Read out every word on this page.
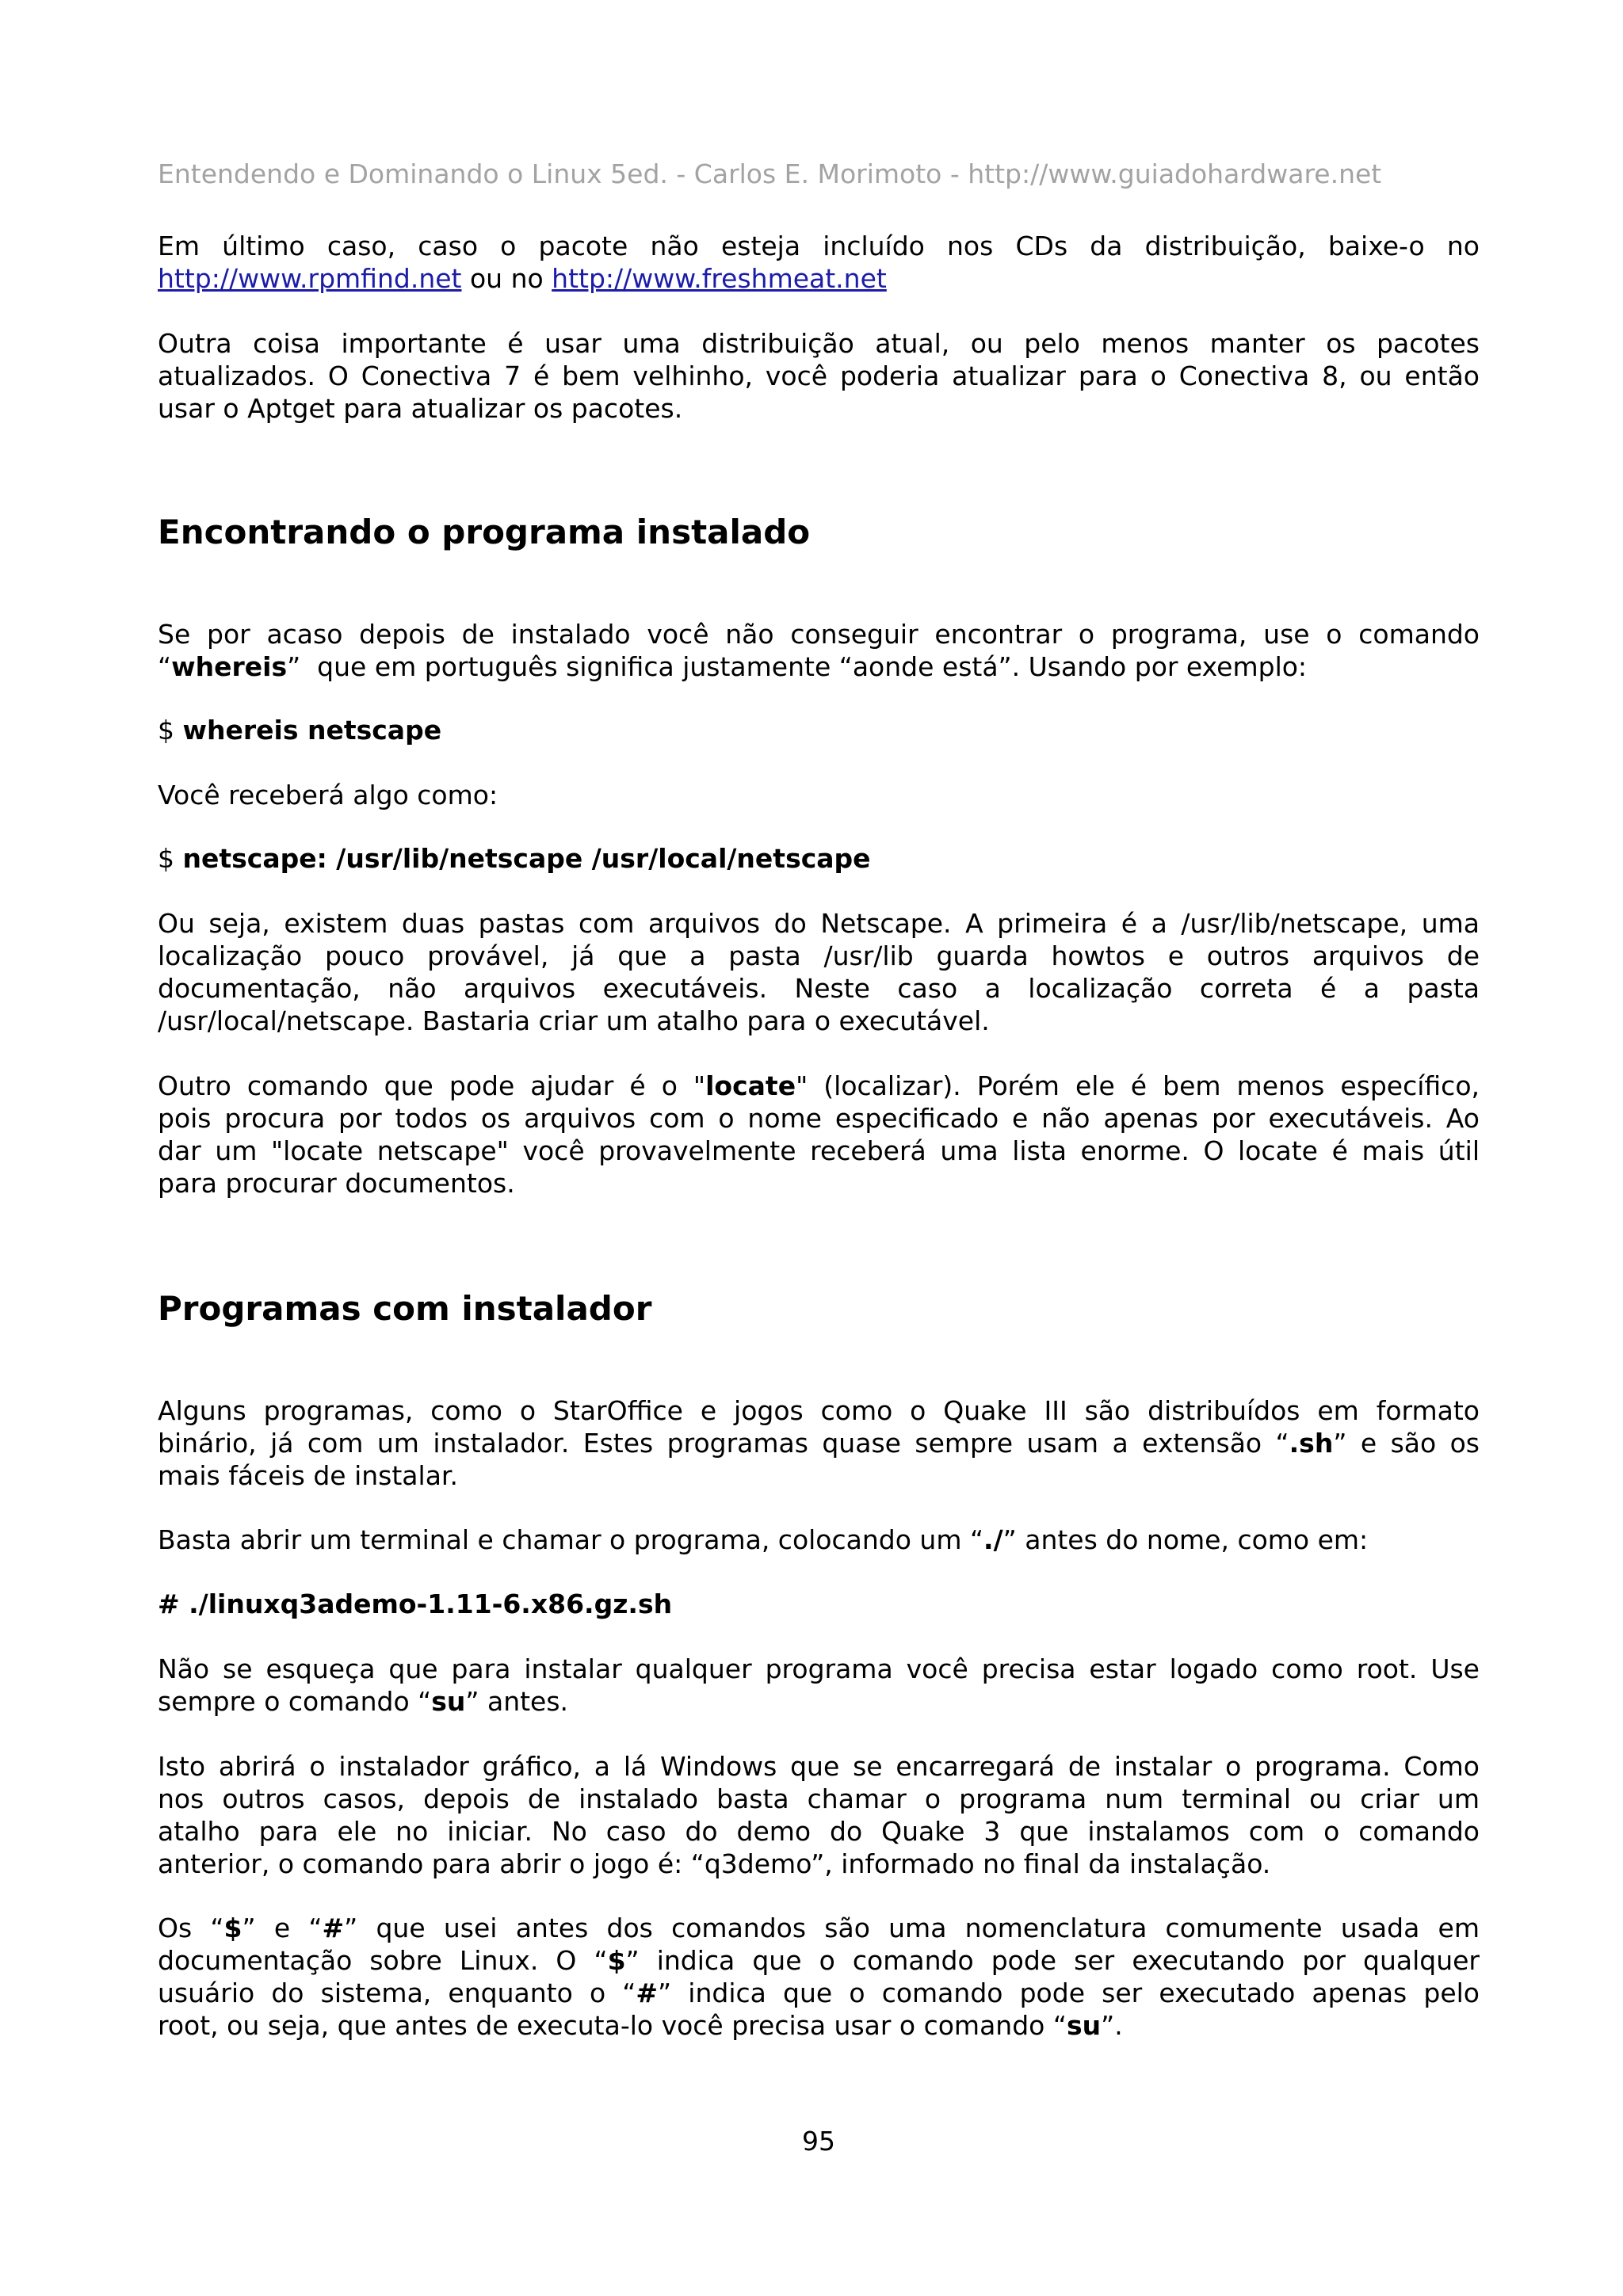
Entendendo e Dominando o Linux 5ed. - Carlos E. Morimoto - http://www.guiadohardware.net
Em último caso, caso o pacote não esteja incluído nos CDs da distribuição, baixe-o no
http://www.rpmfind.net ou no http://www.freshmeat.net
Outra coisa importante é usar uma distribuição atual, ou pelo menos manter os pacotes
atualizados. O Conectiva 7 é bem velhinho, você poderia atualizar para o Conectiva 8, ou então
usar o Aptget para atualizar os pacotes.
Encontrando o programa instalado
Se por acaso depois de instalado você não conseguir encontrar o programa, use o comando
“whereis”  que em português significa justamente “aonde está”. Usando por exemplo:
$ whereis netscape
Você receberá algo como:
$ netscape: /usr/lib/netscape /usr/local/netscape
Ou seja, existem duas pastas com arquivos do Netscape. A primeira é a /usr/lib/netscape, uma
localização pouco provável, já que a pasta /usr/lib guarda howtos e outros arquivos de
documentação, não arquivos executáveis. Neste caso a localização correta é a pasta
/usr/local/netscape. Bastaria criar um atalho para o executável.
Outro comando que pode ajudar é o "locate" (localizar). Porém ele é bem menos específico,
pois procura por todos os arquivos com o nome especificado e não apenas por executáveis. Ao
dar um "locate netscape" você provavelmente receberá uma lista enorme. O locate é mais útil
para procurar documentos.
Programas com instalador
Alguns programas, como o StarOffice e jogos como o Quake III são distribuídos em formato
binário, já com um instalador. Estes programas quase sempre usam a extensão “.sh” e são os
mais fáceis de instalar.
Basta abrir um terminal e chamar o programa, colocando um “./” antes do nome, como em:
# ./linuxq3ademo-1.11-6.x86.gz.sh
Não se esqueça que para instalar qualquer programa você precisa estar logado como root. Use
sempre o comando “su” antes.
Isto abrirá o instalador gráfico, a lá Windows que se encarregará de instalar o programa. Como
nos outros casos, depois de instalado basta chamar o programa num terminal ou criar um
atalho para ele no iniciar. No caso do demo do Quake 3 que instalamos com o comando
anterior, o comando para abrir o jogo é: “q3demo”, informado no final da instalação.
Os “$” e “#” que usei antes dos comandos são uma nomenclatura comumente usada em
documentação sobre Linux. O “$” indica que o comando pode ser executando por qualquer
usuário do sistema, enquanto o “#” indica que o comando pode ser executado apenas pelo
root, ou seja, que antes de executa-lo você precisa usar o comando “su”.
95
